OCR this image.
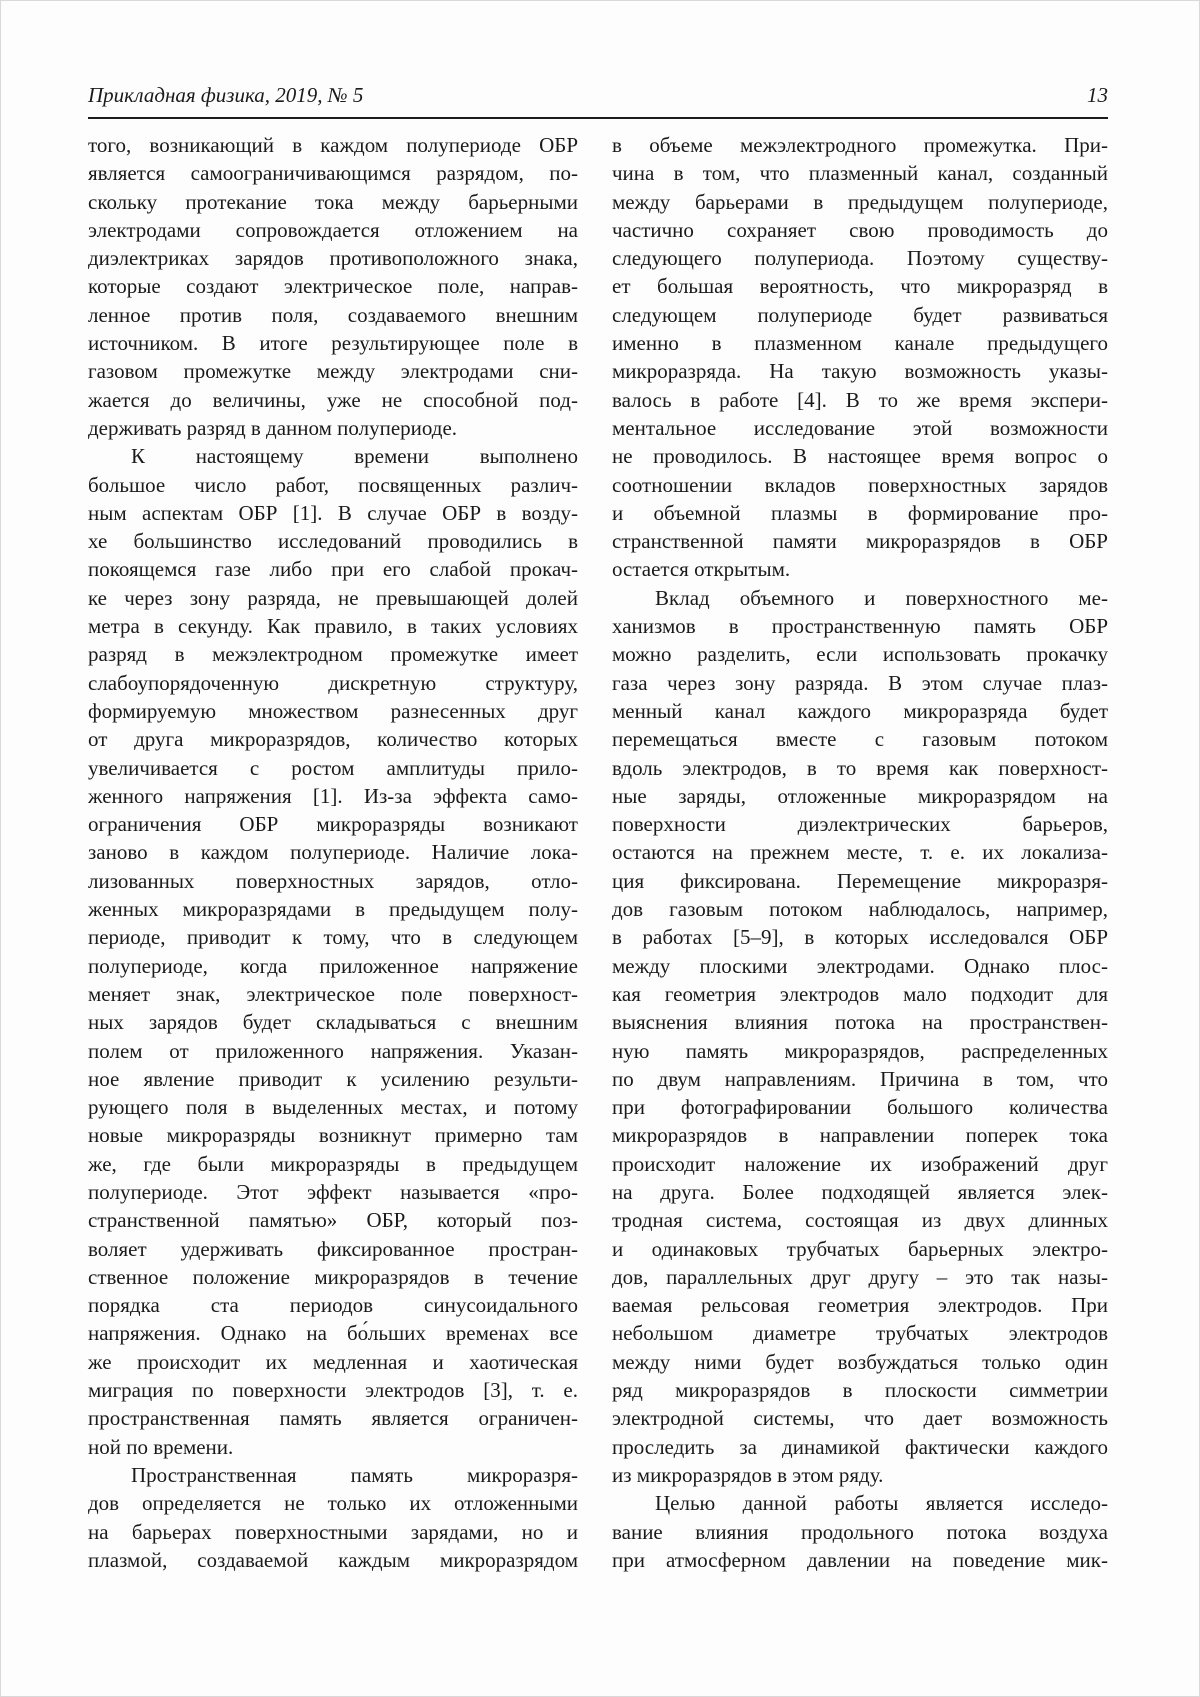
Прикладная физика, 2019, № 5	13
того, возникающий в каждом полупериоде ОБР
является самоограничивающимся разрядом, по-
скольку протекание тока между барьерными
электродами сопровождается отложением на
диэлектриках зарядов противоположного знака,
которые создают электрическое поле, направ-
ленное против поля, создаваемого внешним
источником. В итоге результирующее поле в
газовом промежутке между электродами сни-
жается до величины, уже не способной под-
держивать разряд в данном полупериоде.
К настоящему времени выполнено
большое число работ, посвященных различ-
ным аспектам ОБР [1]. В случае ОБР в возду-
хе большинство исследований проводились в
покоящемся газе либо при его слабой прокач-
ке через зону разряда, не превышающей долей
метра в секунду. Как правило, в таких условиях
разряд в межэлектродном промежутке имеет
слабоупорядоченную дискретную структуру,
формируемую множеством разнесенных друг
от друга микроразрядов, количество которых
увеличивается с ростом амплитуды прило-
женного напряжения [1]. Из-за эффекта само-
ограничения ОБР микроразряды возникают
заново в каждом полупериоде. Наличие лока-
лизованных поверхностных зарядов, отло-
женных микроразрядами в предыдущем полу-
периоде, приводит к тому, что в следующем
полупериоде, когда приложенное напряжение
меняет знак, электрическое поле поверхност-
ных зарядов будет складываться с внешним
полем от приложенного напряжения. Указан-
ное явление приводит к усилению результи-
рующего поля в выделенных местах, и потому
новые микроразряды возникнут примерно там
же, где были микроразряды в предыдущем
полупериоде. Этот эффект называется «про-
странственной памятью» ОБР, который поз-
воляет удерживать фиксированное простран-
ственное положение микроразрядов в течение
порядка ста периодов синусоидального
напряжения. Однако на бо́льших временах все
же происходит их медленная и хаотическая
миграция по поверхности электродов [3], т. е.
пространственная память является ограничен-
ной по времени.
Пространственная память микроразря-
дов определяется не только их отложенными
на барьерах поверхностными зарядами, но и
плазмой, создаваемой каждым микроразрядом
в объеме межэлектродного промежутка. При-
чина в том, что плазменный канал, созданный
между барьерами в предыдущем полупериоде,
частично сохраняет свою проводимость до
следующего полупериода. Поэтому существу-
ет большая вероятность, что микроразряд в
следующем полупериоде будет развиваться
именно в плазменном канале предыдущего
микроразряда. На такую возможность указы-
валось в работе [4]. В то же время экспери-
ментальное исследование этой возможности
не проводилось. В настоящее время вопрос о
соотношении вкладов поверхностных зарядов
и объемной плазмы в формирование про-
странственной памяти микроразрядов в ОБР
остается открытым.
Вклад объемного и поверхностного ме-
ханизмов в пространственную память ОБР
можно разделить, если использовать прокачку
газа через зону разряда. В этом случае плаз-
менный канал каждого микроразряда будет
перемещаться вместе с газовым потоком
вдоль электродов, в то время как поверхност-
ные заряды, отложенные микроразрядом на
поверхности диэлектрических барьеров,
остаются на прежнем месте, т. е. их локализа-
ция фиксирована. Перемещение микроразря-
дов газовым потоком наблюдалось, например,
в работах [5–9], в которых исследовался ОБР
между плоскими электродами. Однако плос-
кая геометрия электродов мало подходит для
выяснения влияния потока на пространствен-
ную память микроразрядов, распределенных
по двум направлениям. Причина в том, что
при фотографировании большого количества
микроразрядов в направлении поперек тока
происходит наложение их изображений друг
на друга. Более подходящей является элек-
тродная система, состоящая из двух длинных
и одинаковых трубчатых барьерных электро-
дов, параллельных друг другу – это так назы-
ваемая рельсовая геометрия электродов. При
небольшом диаметре трубчатых электродов
между ними будет возбуждаться только один
ряд микроразрядов в плоскости симметрии
электродной системы, что дает возможность
проследить за динамикой фактически каждого
из микроразрядов в этом ряду.
Целью данной работы является исследо-
вание влияния продольного потока воздуха
при атмосферном давлении на поведение мик-
